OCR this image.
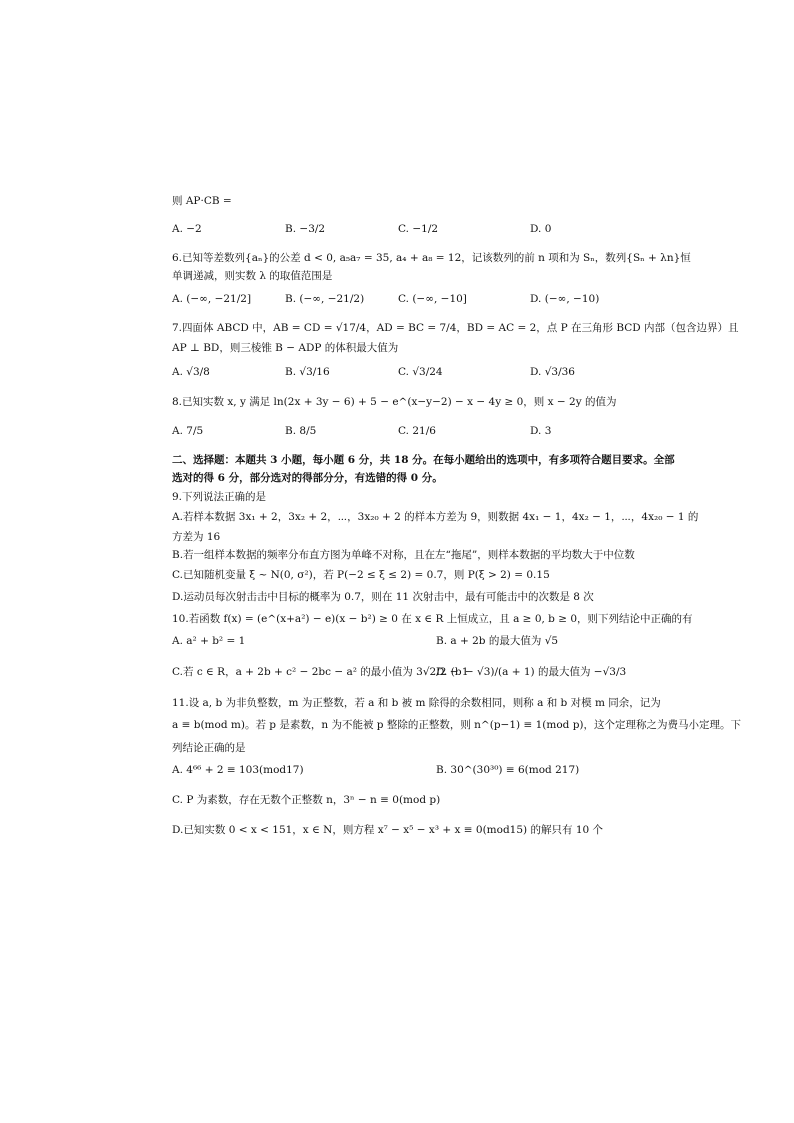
则 AP·CB =
A. −2	B. −3/2	C. −1/2	D. 0
6.已知等差数列{aₙ}的公差 d < 0, a₅a₇ = 35, a₄ + a₈ = 12，记该数列的前 n 项和为 Sₙ，数列{Sₙ + λn}恒
单调递减，则实数 λ 的取值范围是
A. (−∞, −21/2]	B. (−∞, −21/2)	C. (−∞, −10]	D. (−∞, −10)
7.四面体 ABCD 中，AB = CD = √17/4，AD = BC = 7/4，BD = AC = 2，点 P 在三角形 BCD 内部（包含边界）且
AP ⊥ BD，则三棱锥 B − ADP 的体积最大值为
A. √3/8	B. √3/16	C. √3/24	D. √3/36
8.已知实数 x, y 满足 ln(2x + 3y − 6) + 5 − e^(x−y−2) − x − 4y ≥ 0，则 x − 2y 的值为
A. 7/5	B. 8/5	C. 21/6	D. 3
二、选择题：本题共 3 小题，每小题 6 分，共 18 分。在每小题给出的选项中，有多项符合题目要求。全部
选对的得 6 分，部分选对的得部分分，有选错的得 0 分。
9.下列说法正确的是
A.若样本数据 3x₁ + 2，3x₂ + 2，⋯，3x₂₀ + 2 的样本方差为 9，则数据 4x₁ − 1，4x₂ − 1，⋯，4x₂₀ − 1 的
方差为 16
B.若一组样本数据的频率分布直方图为单峰不对称，且在左“拖尾”，则样本数据的平均数大于中位数
C.已知随机变量 ξ ~ N(0, σ²)，若 P(−2 ≤ ξ ≤ 2) = 0.7，则 P(ξ > 2) = 0.15
D.运动员每次射击击中目标的概率为 0.7，则在 11 次射击中，最有可能击中的次数是 8 次
10.若函数 f(x) = (e^(x+a²) − e)(x − b²) ≥ 0 在 x ∈ R 上恒成立，且 a ≥ 0, b ≥ 0，则下列结论中正确的有
A. a² + b² = 1	B. a + 2b 的最大值为 √5
C.若 c ∈ R，a + 2b + c² − 2bc − a² 的最小值为 3√2/2 − 1
D. (b − √3)/(a + 1) 的最大值为 −√3/3
11.设 a, b 为非负整数，m 为正整数，若 a 和 b 被 m 除得的余数相同，则称 a 和 b 对模 m 同余，记为
a ≡ b(mod m)。若 p 是素数，n 为不能被 p 整除的正整数，则 n^(p−1) ≡ 1(mod p)，这个定理称之为费马小定理。下
列结论正确的是
A. 4⁶⁶ + 2 ≡ 103(mod17)	B. 30^(30³⁰) ≡ 6(mod 217)
C. P 为素数，存在无数个正整数 n，3ⁿ − n ≡ 0(mod p)
D.已知实数 0 < x < 151，x ∈ N，则方程 x⁷ − x⁵ − x³ + x ≡ 0(mod15) 的解只有 10 个
